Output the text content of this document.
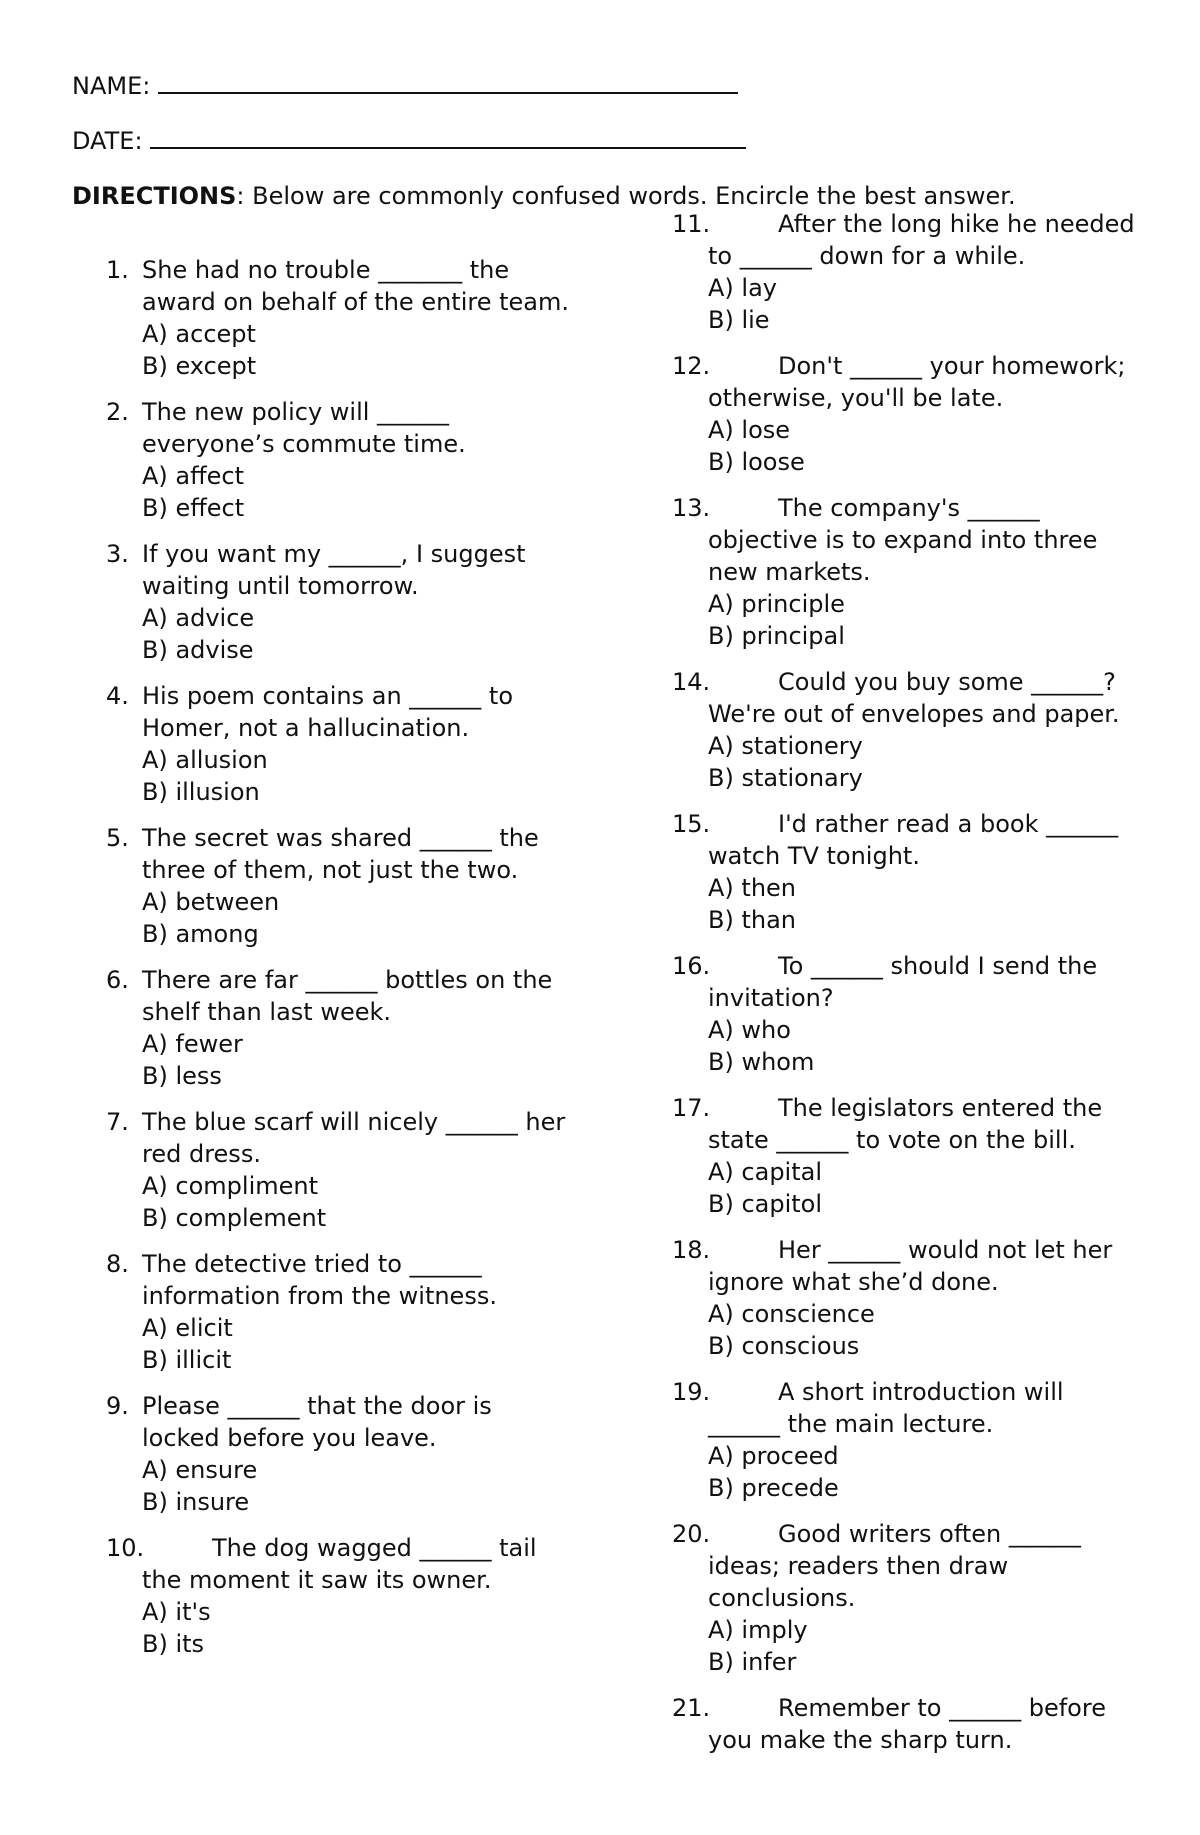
NAME:
DATE:
DIRECTIONS: Below are commonly confused words. Encircle the best answer.
1. She had no trouble _______ the
award on behalf of the entire team.
A) accept
B) except
2. The new policy will ______
everyone’s commute time.
A) affect
B) effect
3. If you want my ______, I suggest
waiting until tomorrow.
A) advice
B) advise
4. His poem contains an ______ to
Homer, not a hallucination.
A) allusion
B) illusion
5. The secret was shared ______ the
three of them, not just the two.
A) between
B) among
6. There are far ______ bottles on the
shelf than last week.
A) fewer
B) less
7. The blue scarf will nicely ______ her
red dress.
A) compliment
B) complement
8. The detective tried to ______
information from the witness.
A) elicit
B) illicit
9. Please ______ that the door is
locked before you leave.
A) ensure
B) insure
10.	The dog wagged ______ tail
the moment it saw its owner.
A) it's
B) its
11.	After the long hike he needed
to ______ down for a while.
A) lay
B) lie
12.	Don't ______ your homework;
otherwise, you'll be late.
A) lose
B) loose
13.	The company's ______
objective is to expand into three
new markets.
A) principle
B) principal
14.	Could you buy some ______?
We're out of envelopes and paper.
A) stationery
B) stationary
15.	I'd rather read a book ______
watch TV tonight.
A) then
B) than
16.	To ______ should I send the
invitation?
A) who
B) whom
17.	The legislators entered the
state ______ to vote on the bill.
A) capital
B) capitol
18.	Her ______ would not let her
ignore what she’d done.
A) conscience
B) conscious
19.	A short introduction will
______ the main lecture.
A) proceed
B) precede
20.	Good writers often ______
ideas; readers then draw
conclusions.
A) imply
B) infer
21.	Remember to ______ before
you make the sharp turn.
